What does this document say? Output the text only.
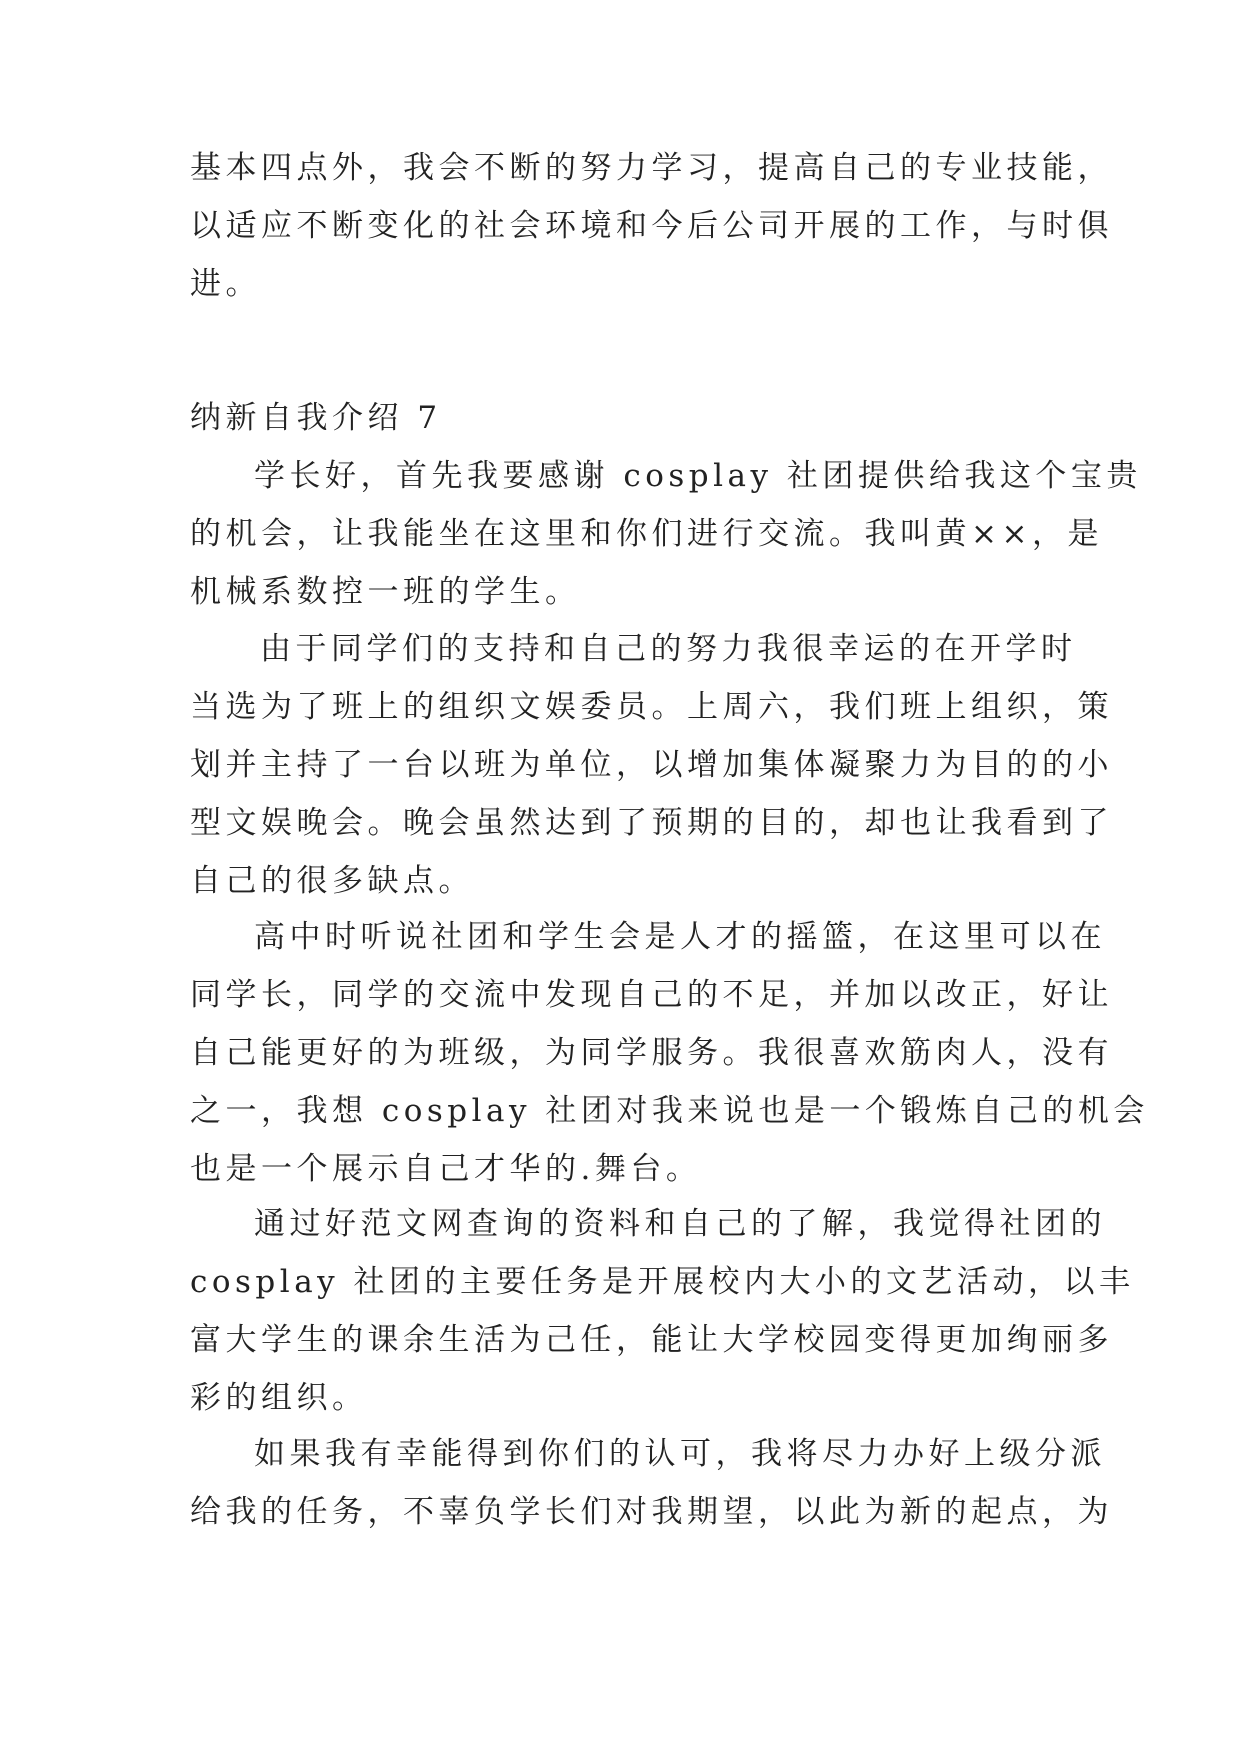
基本四点外，我会不断的努力学习，提高自己的专业技能，

以适应不断变化的社会环境和今后公司开展的工作，与时俱

进。

纳新自我介绍 7

学长好，首先我要感谢 cosplay 社团提供给我这个宝贵

的机会，让我能坐在这里和你们进行交流。我叫黄××，是

机械系数控一班的学生。

由于同学们的支持和自己的努力我很幸运的在开学时

当选为了班上的组织文娱委员。上周六，我们班上组织，策

划并主持了一台以班为单位，以增加集体凝聚力为目的的小

型文娱晚会。晚会虽然达到了预期的目的，却也让我看到了

自己的很多缺点。

高中时听说社团和学生会是人才的摇篮，在这里可以在

同学长，同学的交流中发现自己的不足，并加以改正，好让

自己能更好的为班级，为同学服务。我很喜欢筋肉人，没有

之一，我想 cosplay 社团对我来说也是一个锻炼自己的机会

也是一个展示自己才华的.舞台。

通过好范文网查询的资料和自己的了解，我觉得社团的

cosplay 社团的主要任务是开展校内大小的文艺活动，以丰

富大学生的课余生活为己任，能让大学校园变得更加绚丽多

彩的组织。

如果我有幸能得到你们的认可，我将尽力办好上级分派

给我的任务，不辜负学长们对我期望，以此为新的起点，为
